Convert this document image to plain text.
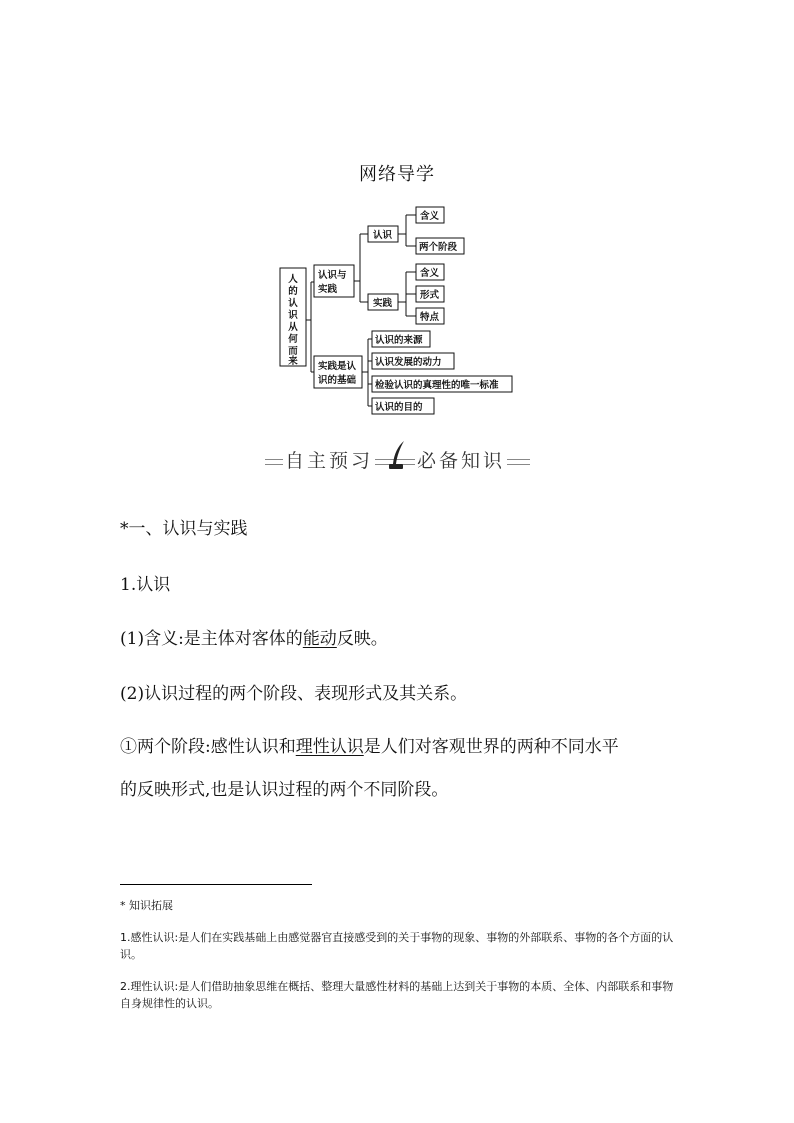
网络导学
人
的
认
识
从
何
而
来
认识与
实践
实践是认
识的基础
认识
实践
含义
两个阶段
含义
形式
特点
认识的来源
认识发展的动力
检验认识的真理性的唯一标准
认识的目的
自主预习 必备知识
*一、认识与实践
1.认识
(1)含义:是主体对客体的能动反映。
(2)认识过程的两个阶段、表现形式及其关系。
①两个阶段:感性认识和理性认识是人们对客观世界的两种不同水平
的反映形式,也是认识过程的两个不同阶段。
* 知识拓展
1.感性认识:是人们在实践基础上由感觉器官直接感受到的关于事物的现象、事物的外部联系、事物的各个方面的认识。
2.理性认识:是人们借助抽象思维在概括、整理大量感性材料的基础上达到关于事物的本质、全体、内部联系和事物自身规律性的认识。
